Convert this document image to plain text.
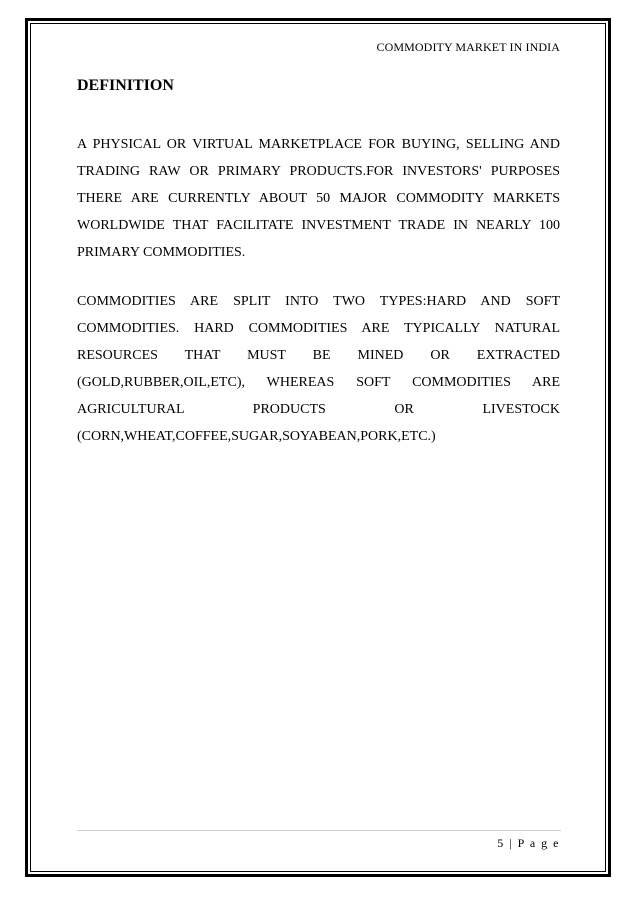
COMMODITY MARKET IN INDIA
DEFINITION

A PHYSICAL OR VIRTUAL MARKETPLACE FOR BUYING, SELLING AND TRADING RAW OR PRIMARY PRODUCTS.FOR INVESTORS' PURPOSES THERE ARE CURRENTLY ABOUT 50 MAJOR COMMODITY MARKETS WORLDWIDE THAT FACILITATE INVESTMENT TRADE IN NEARLY 100 PRIMARY COMMODITIES.

COMMODITIES ARE SPLIT INTO TWO TYPES:HARD AND SOFT COMMODITIES. HARD COMMODITIES ARE TYPICALLY NATURAL RESOURCES THAT MUST BE MINED OR EXTRACTED (GOLD,RUBBER,OIL,ETC), WHEREAS SOFT COMMODITIES ARE AGRICULTURAL PRODUCTS OR LIVESTOCK (CORN,WHEAT,COFFEE,SUGAR,SOYABEAN,PORK,ETC.)

5 | P a g e
